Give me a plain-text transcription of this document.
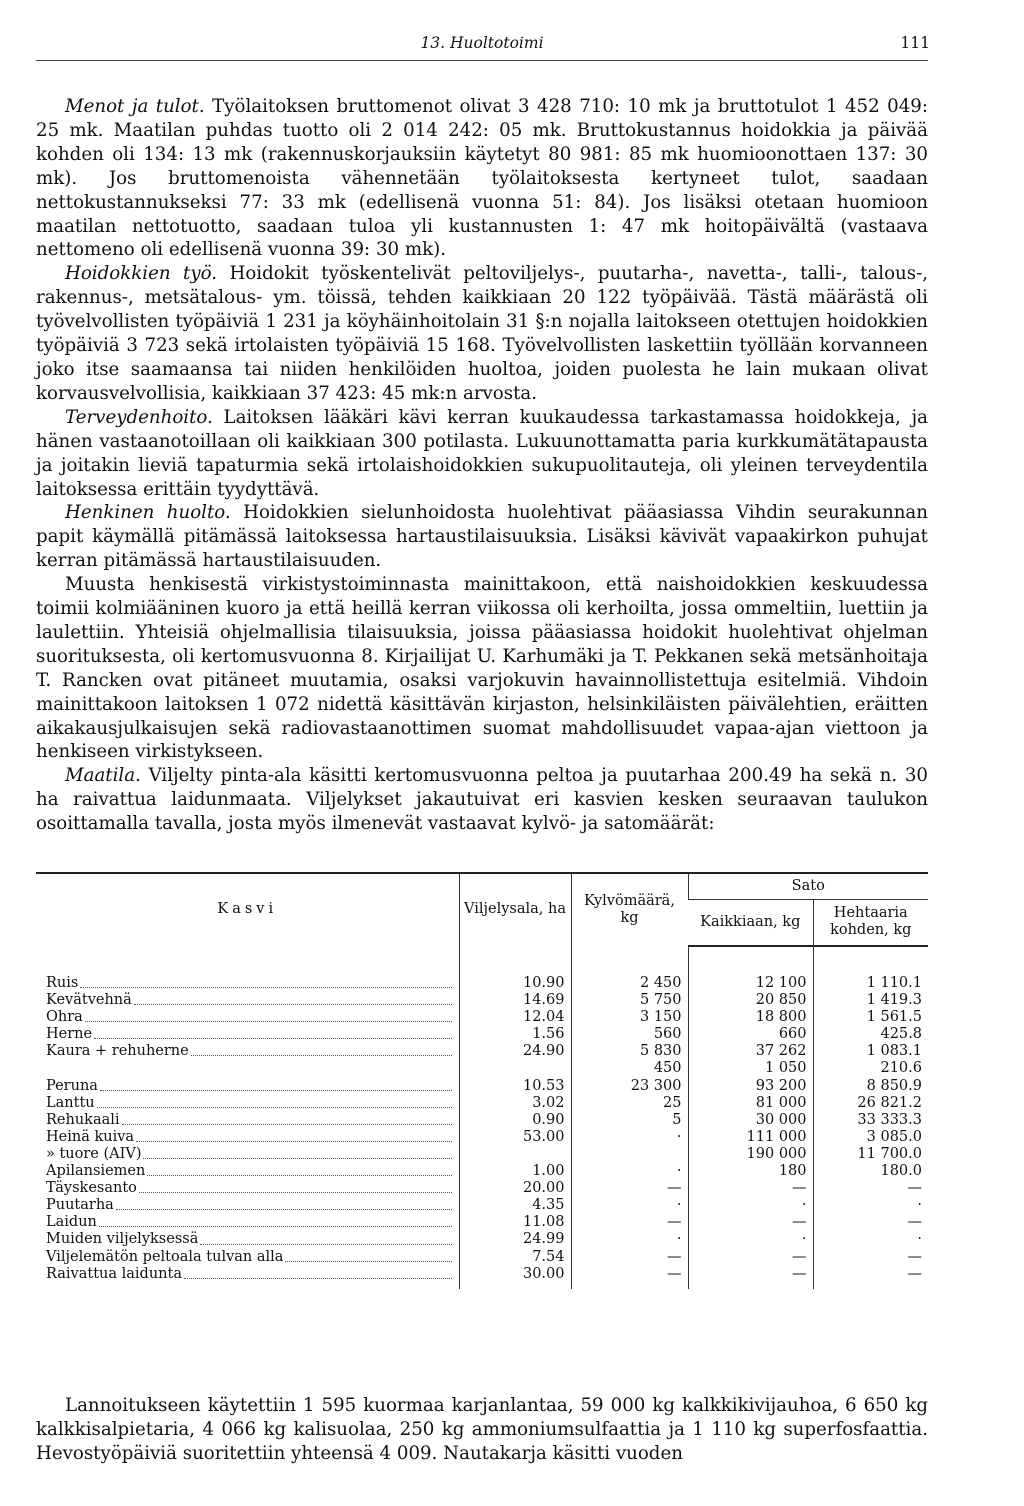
13. Huoltotoimi	111

Menot ja tulot. Työlaitoksen bruttomenot olivat 3 428 710: 10 mk ja bruttotulot 1 452 049: 25 mk. Maatilan puhdas tuotto oli 2 014 242: 05 mk. Bruttokustannus hoidokkia ja päivää kohden oli 134: 13 mk (rakennuskorjauksiin käytetyt 80 981: 85 mk huomioonottaen 137: 30 mk). Jos bruttomenoista vähennetään työlaitoksesta kertyneet tulot, saadaan nettokustannukseksi 77: 33 mk (edellisenä vuonna 51: 84). Jos lisäksi otetaan huomioon maatilan nettotuotto, saadaan tuloa yli kustannusten 1: 47 mk hoitopäivältä (vastaava nettomeno oli edellisenä vuonna 39: 30 mk).

Hoidokkien työ. Hoidokit työskentelivät peltoviljelys-, puutarha-, navetta-, talli-, talous-, rakennus-, metsätalous- ym. töissä, tehden kaikkiaan 20 122 työpäivää. Tästä määrästä oli työvelvollisten työpäiviä 1 231 ja köyhäinhoitolain 31 §:n nojalla laitokseen otettujen hoidokkien työpäiviä 3 723 sekä irtolaisten työpäiviä 15 168. Työvelvollisten laskettiin työllään korvanneen joko itse saamaansa tai niiden henkilöiden huoltoa, joiden puolesta he lain mukaan olivat korvausvelvollisia, kaikkiaan 37 423: 45 mk:n arvosta.

Terveydenhoito. Laitoksen lääkäri kävi kerran kuukaudessa tarkastamassa hoidokkeja, ja hänen vastaanotoillaan oli kaikkiaan 300 potilasta. Lukuunottamatta paria kurkkumätätapausta ja joitakin lieviä tapaturmia sekä irtolaishoidokkien sukupuolitauteja, oli yleinen terveydentila laitoksessa erittäin tyydyttävä.

Henkinen huolto. Hoidokkien sielunhoidosta huolehtivat pääasiassa Vihdin seurakunnan papit käymällä pitämässä laitoksessa hartaustilaisuuksia. Lisäksi kävivät vapaakirkon puhujat kerran pitämässä hartaustilaisuuden.

Muusta henkisestä virkistystoiminnasta mainittakoon, että naishoidokkien keskuudessa toimii kolmiääninen kuoro ja että heillä kerran viikossa oli kerhoilta, jossa ommeltiin, luettiin ja laulettiin. Yhteisiä ohjelmallisia tilaisuuksia, joissa pääasiassa hoidokit huolehtivat ohjelman suorituksesta, oli kertomusvuonna 8. Kirjailijat U. Karhumäki ja T. Pekkanen sekä metsänhoitaja T. Rancken ovat pitäneet muutamia, osaksi varjokuvin havainnollistettuja esitelmiä. Vihdoin mainittakoon laitoksen 1 072 nidettä käsittävän kirjaston, helsinkiläisten päivälehtien, eräitten aikakausjulkaisujen sekä radiovastaanottimen suomat mahdollisuudet vapaa-ajan viettoon ja henkiseen virkistykseen.

Maatila. Viljelty pinta-ala käsitti kertomusvuonna peltoa ja puutarhaa 200.49 ha sekä n. 30 ha raivattua laidunmaata. Viljelykset jakautuivat eri kasvien kesken seuraavan taulukon osoittamalla tavalla, josta myös ilmenevät vastaavat kylvö- ja satomäärät:

Kasvi	Viljelysala, ha	Kylvömäärä, kg	Sato	
			Kaikkiaan, kg	Hehtaaria kohden, kg

Ruis	10.90	2 450	12 100	1 110.1

Kevätvehnä	14.69	5 750	20 850	1 419.3

Ohra	12.04	3 150	18 800	1 561.5

Herne	1.56	560	660	425.8

Kaura + rehuherne	24.90	5 830	37 262	1 083.1

		450	1 050	210.6

Peruna	10.53	23 300	93 200	8 850.9

Lanttu	3.02	25	81 000	26 821.2

Rehukaali	0.90	5	30 000	33 333.3

Heinä kuiva	53.00	·	111 000	3 085.0

» tuore (AIV)			190 000	11 700.0

Apilansiemen	1.00	·	180	180.0

Täyskesanto	20.00	—	—	—

Puutarha	4.35	·	·	·

Laidun	11.08	—	—	—

Muiden viljelyksessä	24.99	·	·	·

Viljelemätön peltoala tulvan alla	7.54	—	—	—

Raivattua laidunta	30.00	—	—	—

Lannoitukseen käytettiin 1 595 kuormaa karjanlantaa, 59 000 kg kalkkikivijauhoa, 6 650 kg kalkkisalpietaria, 4 066 kg kalisuolaa, 250 kg ammoniumsulfaattia ja 1 110 kg superfosfaattia. Hevostyöpäiviä suoritettiin yhteensä 4 009. Nautakarja käsitti vuoden
